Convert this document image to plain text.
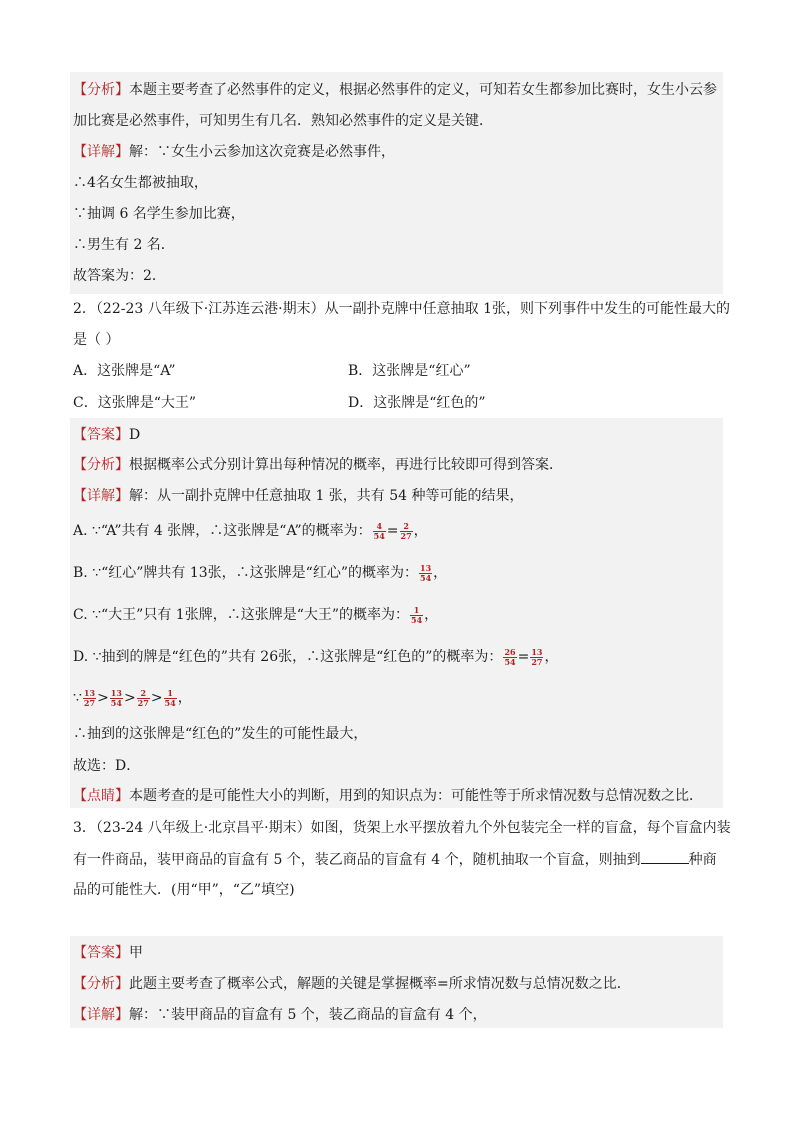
【分析】本题主要考查了必然事件的定义，根据必然事件的定义，可知若女生都参加比赛时，女生小云参
加比赛是必然事件，可知男生有几名．熟知必然事件的定义是关键．
【详解】解：∵女生小云参加这次竞赛是必然事件，
∴4名女生都被抽取，
∵抽调 6 名学生参加比赛，
∴男生有 2 名．
故答案为：2．
2．（22-23 八年级下·江苏连云港·期末）从一副扑克牌中任意抽取 1张，则下列事件中发生的可能性最大的
是（ ）
A．这张牌是“A”	B．这张牌是“红心”
C．这张牌是“大王”	D．这张牌是“红色的”
【答案】D
【分析】根据概率公式分别计算出每种情况的概率，再进行比较即可得到答案．
【详解】解：从一副扑克牌中任意抽取 1 张，共有 54 种等可能的结果，
A. ∵“A”共有 4 张牌，∴这张牌是“A”的概率为： $\frac{4}{54} = \frac{2}{27}$ ，
B. ∵“红心”牌共有 13张，∴这张牌是“红心”的概率为： $\frac{13}{54}$ ，
C. ∵“大王”只有 1张牌，∴这张牌是“大王”的概率为： $\frac{1}{54}$ ，
D. ∵抽到的牌是“红色的”共有 26张，∴这张牌是“红色的”的概率为： $\frac{26}{54} = \frac{13}{27}$ ，
∵ $\frac{13}{27} > \frac{13}{54} > \frac{2}{27} > \frac{1}{54}$ ，
∴抽到的这张牌是“红色的”发生的可能性最大，
故选：D．
【点睛】本题考查的是可能性大小的判断，用到的知识点为：可能性等于所求情况数与总情况数之比．
3．（23-24 八年级上·北京昌平·期末）如图，货架上水平摆放着九个外包装完全一样的盲盒，每个盲盒内装
有一件商品，装甲商品的盲盒有 5 个，装乙商品的盲盒有 4 个，随机抽取一个盲盒，则抽到	种商
品的可能性大．(用“甲”，“乙”填空)
【答案】甲
【分析】此题主要考查了概率公式，解题的关键是掌握概率=所求情况数与总情况数之比．
【详解】解：∵装甲商品的盲盒有 5 个，装乙商品的盲盒有 4 个，
